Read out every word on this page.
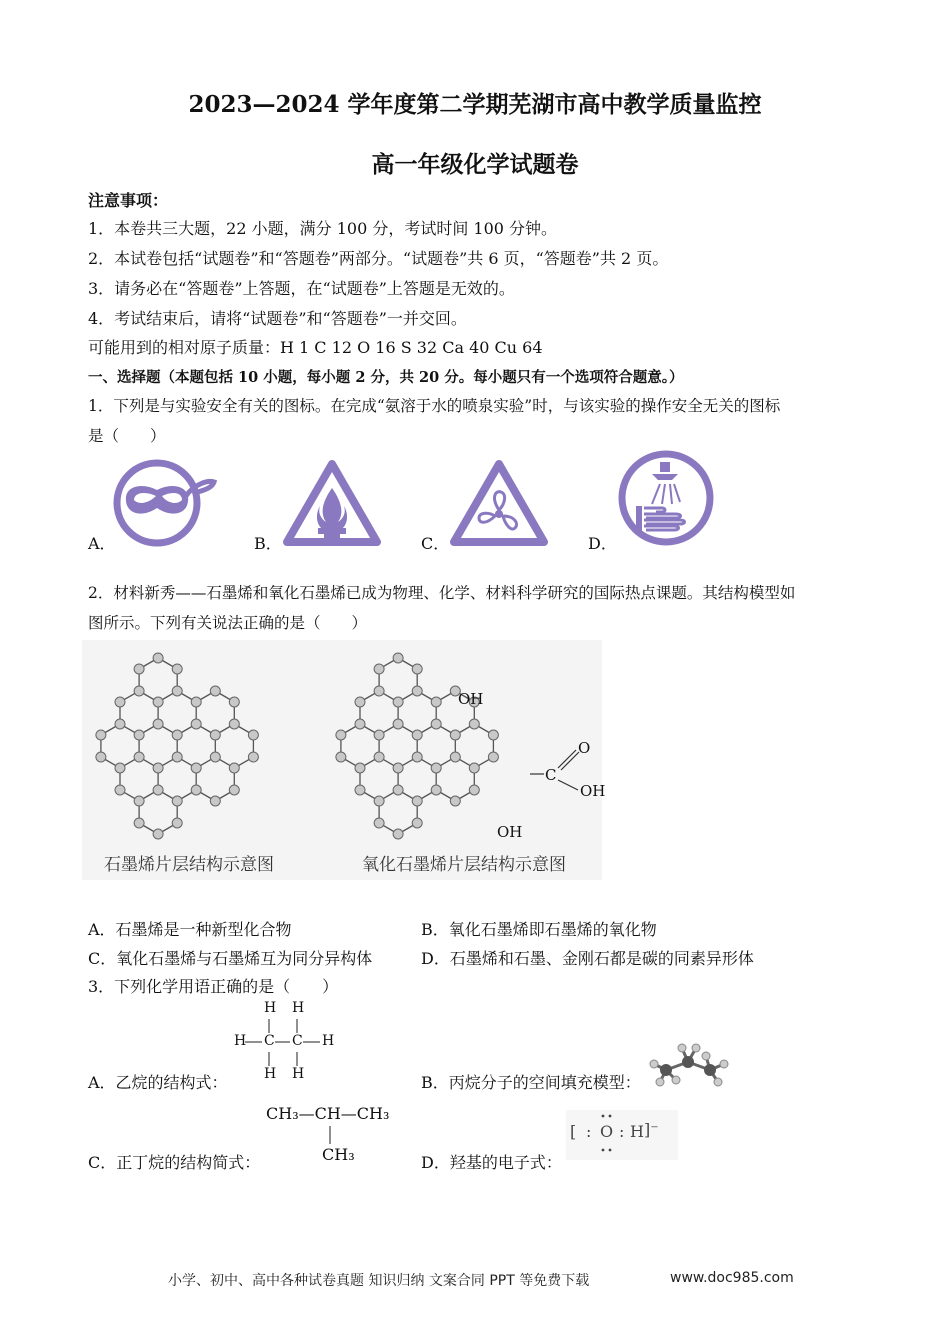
2023—2024 学年度第二学期芜湖市高中教学质量监控
高一年级化学试题卷
注意事项：
1．本卷共三大题，22 小题，满分 100 分，考试时间 100 分钟。
2．本试卷包括“试题卷”和“答题卷”两部分。“试题卷”共 6 页，“答题卷”共 2 页。
3．请务必在“答题卷”上答题，在“试题卷”上答题是无效的。
4．考试结束后，请将“试题卷”和“答题卷”一并交回。
可能用到的相对原子质量：H 1 C 12 O 16 S 32 Ca 40 Cu 64
一、选择题（本题包括 10 小题，每小题 2 分，共 20 分。每小题只有一个选项符合题意。）
1．下列是与实验安全有关的图标。在完成“氨溶于水的喷泉实验”时，与该实验的操作安全无关的图标
是（　　）
A．	B．	C．	D．
2．材料新秀——石墨烯和氧化石墨烯已成为物理、化学、材料科学研究的国际热点课题。其结构模型如
图所示。下列有关说法正确的是（　　）
OH
O
C
OH
OH
石墨烯片层结构示意图	氧化石墨烯片层结构示意图
A．石墨烯是一种新型化合物	B．氧化石墨烯即石墨烯的氧化物
C．氧化石墨烯与石墨烯互为同分异构体	D．石墨烯和石墨、金刚石都是碳的同素异形体
3．下列化学用语正确的是（　　）
H H
H C C H
H H
A．乙烷的结构式：	B．丙烷分子的空间填充模型：
CH₃—CH—CH₃
CH₃
C．正丁烷的结构简式：	D．羟基的电子式：
[ : O : H ]⁻
小学、初中、高中各种试卷真题 知识归纳 文案合同 PPT 等免费下载	www.doc985.com
